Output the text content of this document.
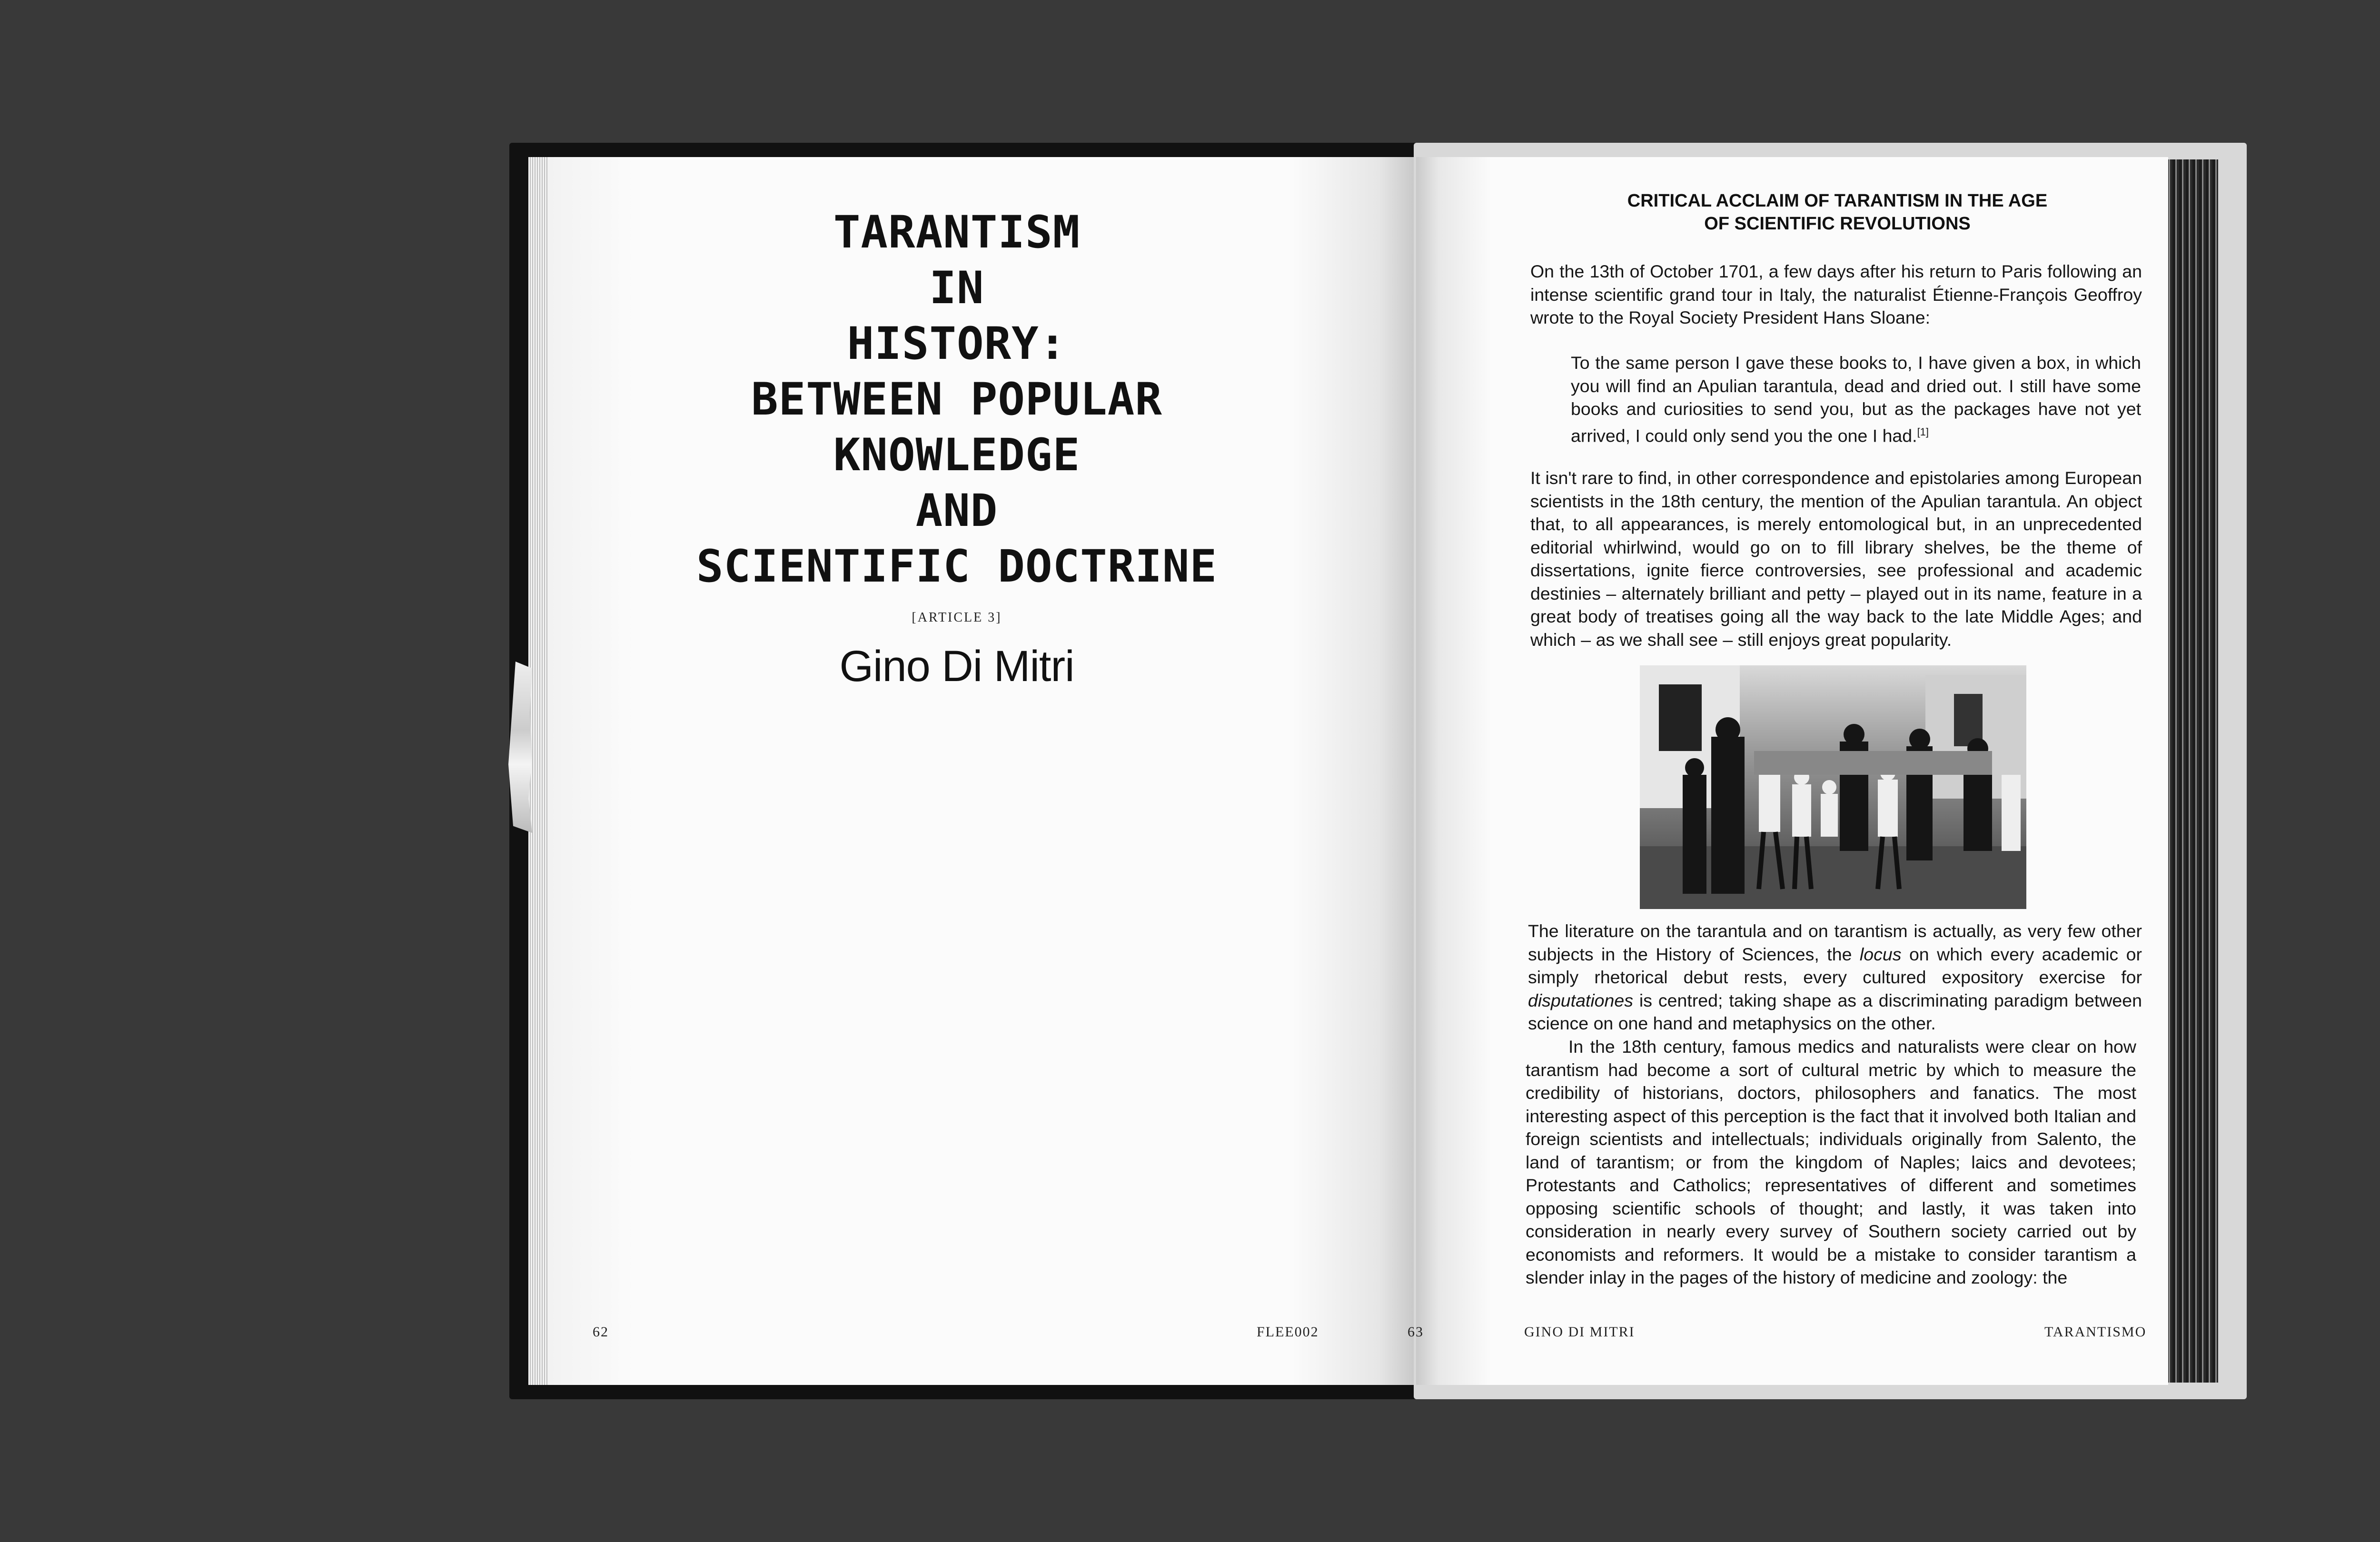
TARANTISM
IN
HISTORY:
BETWEEN POPULAR
KNOWLEDGE
AND
SCIENTIFIC DOCTRINE
[ARTICLE 3]
Gino Di Mitri
62	FLEE002
CRITICAL ACCLAIM OF TARANTISM IN THE AGE
OF SCIENTIFIC REVOLUTIONS

On the 13th of October 1701, a few days after his return to Paris following an intense scientific grand tour in Italy, the naturalist Étienne-François Geoffroy wrote to the Royal Society President Hans Sloane:

To the same person I gave these books to, I have given a box, in which you will find an Apulian tarantula, dead and dried out. I still have some books and curiosities to send you, but as the packages have not yet arrived, I could only send you the one I had.[1]

It isn't rare to find, in other correspondence and epistolaries among European scientists in the 18th century, the mention of the Apulian tarantula. An object that, to all appearances, is merely entomological but, in an unprecedented editorial whirlwind, would go on to fill library shelves, be the theme of dissertations, ignite fierce controversies, see professional and academic destinies – alternately brilliant and petty – played out in its name, feature in a great body of treatises going all the way back to the late Middle Ages; and which – as we shall see – still enjoys great popularity.

The literature on the tarantula and on tarantism is actually, as very few other subjects in the History of Sciences, the locus on which every academic or simply rhetorical debut rests, every cultured expository exercise for disputationes is centred; taking shape as a discriminating paradigm between science on one hand and metaphysics on the other.

In the 18th century, famous medics and naturalists were clear on how tarantism had become a sort of cultural metric by which to measure the credibility of historians, doctors, philosophers and fanatics. The most interesting aspect of this perception is the fact that it involved both Italian and foreign scientists and intellectuals; individuals originally from Salento, the land of tarantism; or from the kingdom of Naples; laics and devotees; Protestants and Catholics; representatives of different and sometimes opposing scientific schools of thought; and lastly, it was taken into consideration in nearly every survey of Southern society carried out by economists and reformers. It would be a mistake to consider tarantism a slender inlay in the pages of the history of medicine and zoology: the

63	GINO DI MITRI	TARANTISMO
